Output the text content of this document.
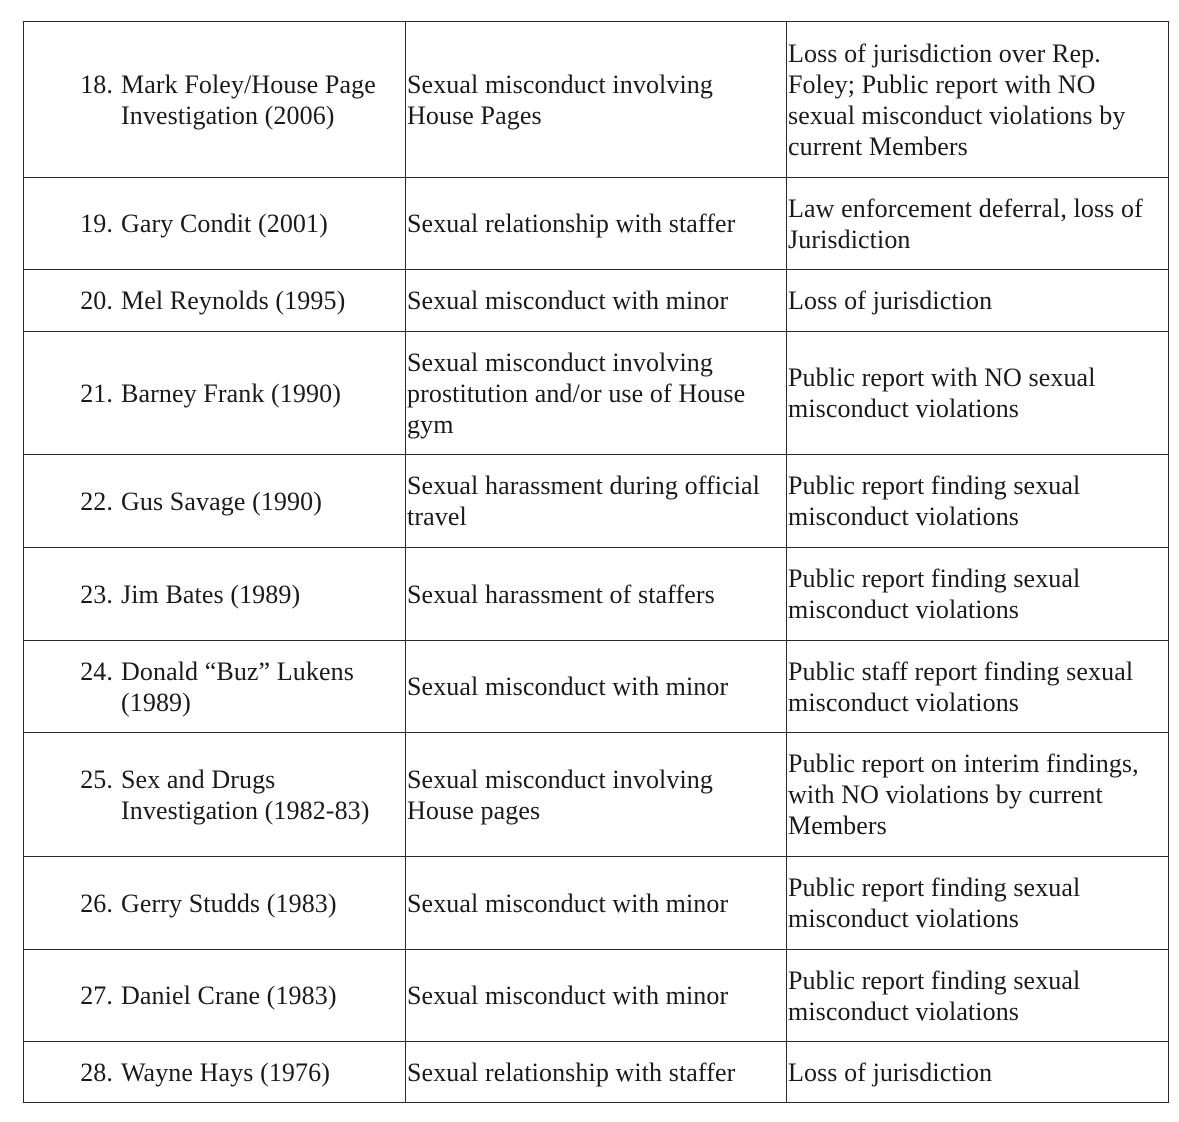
18. Mark Foley/House Page Investigation (2006)	Sexual misconduct involving House Pages	Loss of jurisdiction over Rep. Foley; Public report with NO sexual misconduct violations by current Members

19. Gary Condit (2001)	Sexual relationship with staffer	Law enforcement deferral, loss of Jurisdiction

20. Mel Reynolds (1995)	Sexual misconduct with minor	Loss of jurisdiction

21. Barney Frank (1990)	Sexual misconduct involving prostitution and/or use of House gym	Public report with NO sexual misconduct violations

22. Gus Savage (1990)	Sexual harassment during official travel	Public report finding sexual misconduct violations

23. Jim Bates (1989)	Sexual harassment of staffers	Public report finding sexual misconduct violations

24. Donald “Buz” Lukens (1989)	Sexual misconduct with minor	Public staff report finding sexual misconduct violations

25. Sex and Drugs Investigation (1982-83)	Sexual misconduct involving House pages	Public report on interim findings, with NO violations by current Members

26. Gerry Studds (1983)	Sexual misconduct with minor	Public report finding sexual misconduct violations

27. Daniel Crane (1983)	Sexual misconduct with minor	Public report finding sexual misconduct violations

28. Wayne Hays (1976)	Sexual relationship with staffer	Loss of jurisdiction
